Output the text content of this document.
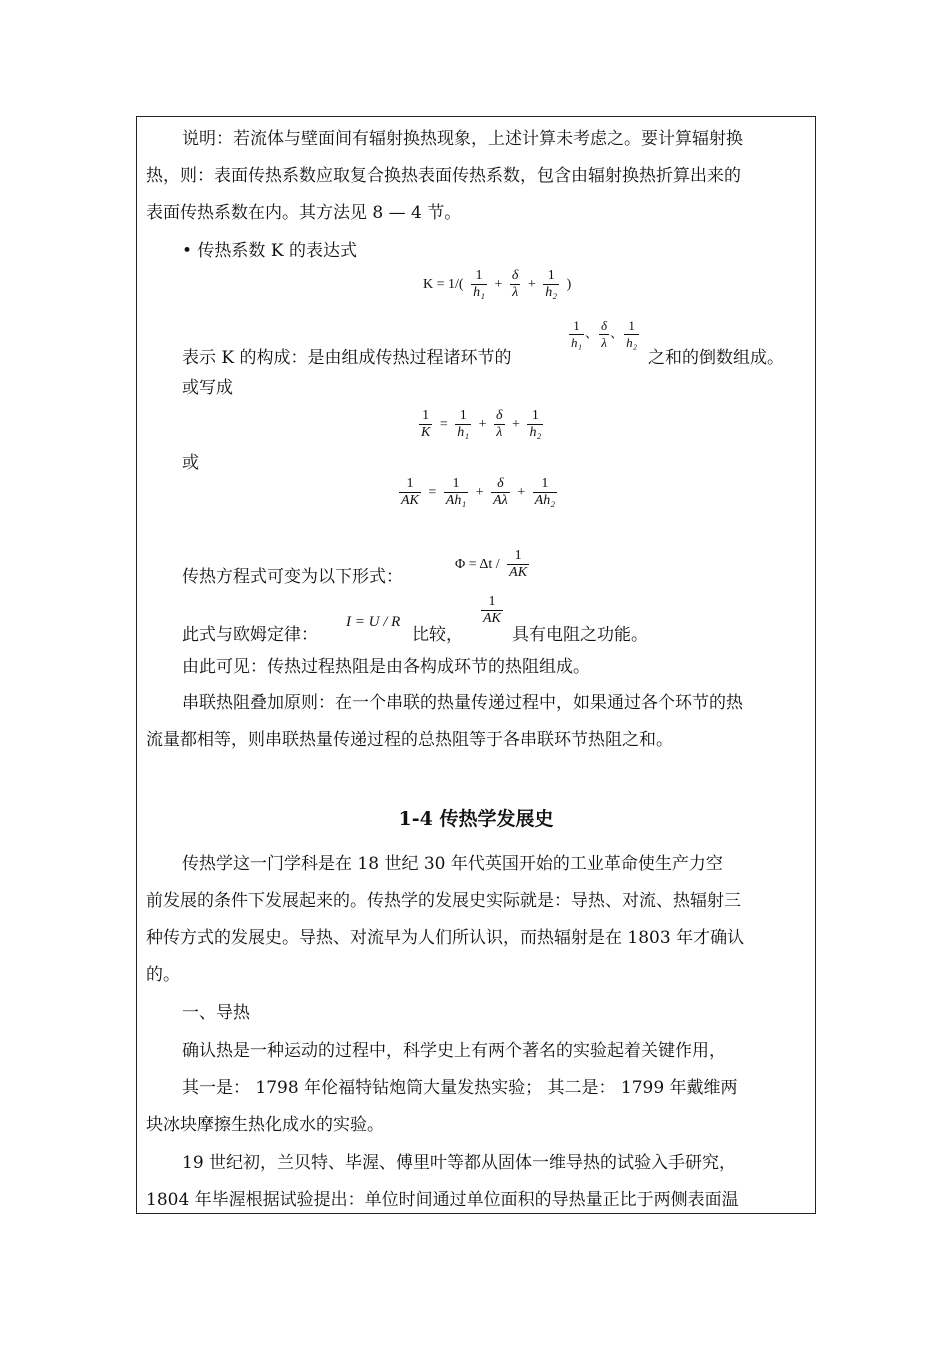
说明：若流体与壁面间有辐射换热现象，上述计算未考虑之。要计算辐射换
热，则：表面传热系数应取复合换热表面传热系数，包含由辐射换热折算出来的
表面传热系数在内。其方法见 8 — 4 节。
• 传热系数 K 的表达式
$K = 1/( \frac{1}{\text{h₁}} + \frac{\delta}{\lambda} + \frac{1}{\text{h₂}}$ )
表示 K 的构成：是由组成传热过程诸环节的
$\frac{1}{\text{h₁}}$ 、 $\frac{\delta}{\lambda}$ 、 $\frac{1}{\text{h₂}}$
之和的倒数组成。
或写成
$\frac{1}{K} = \frac{1}{\text{h₁}} + \frac{\delta}{\lambda} + \frac{1}{\text{h₂}}$
或
$\frac{1}{AK} = \frac{1}{\text{Ah₁}} + \frac{\delta}{A\lambda} + \frac{1}{\text{Ah₂}}$
传热方程式可变为以下形式：
$\Phi = \Delta t / \frac{1}{AK}$
此式与欧姆定律：
I = U / R
比较，
$\frac{1}{AK}$
具有电阻之功能。
由此可见：传热过程热阻是由各构成环节的热阻组成。
串联热阻叠加原则：在一个串联的热量传递过程中，如果通过各个环节的热
流量都相等，则串联热量传递过程的总热阻等于各串联环节热阻之和。
1-4 传热学发展史
传热学这一门学科是在 18 世纪 30 年代英国开始的工业革命使生产力空
前发展的条件下发展起来的。传热学的发展史实际就是：导热、对流、热辐射三
种传方式的发展史。导热、对流早为人们所认识，而热辐射是在 1803 年才确认
的。
一、导热
确认热是一种运动的过程中，科学史上有两个著名的实验起着关键作用，
其一是： 1798 年伦福特钻炮筒大量发热实验； 其二是： 1799 年戴维两
块冰块摩擦生热化成水的实验。
19 世纪初，兰贝特、毕渥、傅里叶等都从固体一维导热的试验入手研究，
1804 年毕渥根据试验提出：单位时间通过单位面积的导热量正比于两侧表面温
